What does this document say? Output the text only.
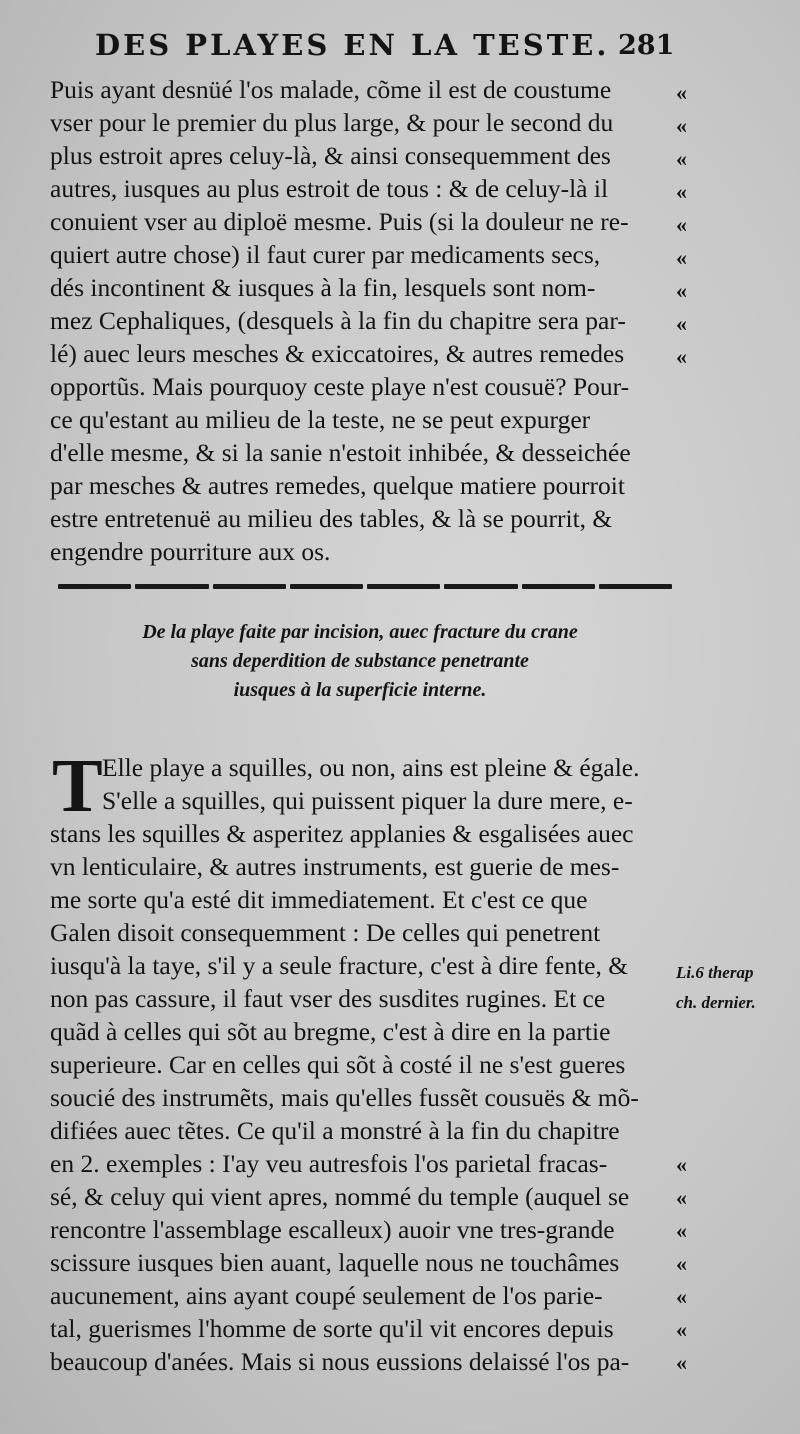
DES PLAYES EN LA TESTE. 281
Puis ayant desnüé l'os malade, cõme il est de coustume
vser pour le premier du plus large, & pour le second du
plus estroit apres celuy-là, & ainsi consequemment des
autres, iusques au plus estroit de tous : & de celuy-là il
conuient vser au diploë mesme. Puis (si la douleur ne re-
quiert autre chose) il faut curer par medicaments secs,
dés incontinent & iusques à la fin, lesquels sont nom-
mez Cephaliques, (desquels à la fin du chapitre sera par-
lé) auec leurs mesches & exiccatoires, & autres remedes
opportũs. Mais pourquoy ceste playe n'est cousuë? Pour-
ce qu'estant au milieu de la teste, ne se peut expurger
d'elle mesme, & si la sanie n'estoit inhibée, & desseichée
par mesches & autres remedes, quelque matiere pourroit
estre entretenuë au milieu des tables, & là se pourrit, &
engendre pourriture aux os.
«
«
«
«
«
«
«
«
«
De la playe faite par incision, auec fracture du crane
sans deperdition de substance penetrante
iusques à la superficie interne.
T Elle playe a squilles, ou non, ains est pleine & égale.
S'elle a squilles, qui puissent piquer la dure mere, e-
stans les squilles & asperitez applanies & esgalisées auec
vn lenticulaire, & autres instruments, est guerie de mes-
me sorte qu'a esté dit immediatement. Et c'est ce que
Galen disoit consequemment : De celles qui penetrent
iusqu'à la taye, s'il y a seule fracture, c'est à dire fente, &
non pas cassure, il faut vser des susdites rugines. Et ce
quãd à celles qui sõt au bregme, c'est à dire en la partie
superieure. Car en celles qui sõt à costé il ne s'est gueres
soucié des instrumẽts, mais qu'elles fussẽt cousuës & mõ-
difiées auec tẽtes. Ce qu'il a monstré à la fin du chapitre
en 2. exemples : I'ay veu autresfois l'os parietal fracas-
sé, & celuy qui vient apres, nommé du temple (auquel se
rencontre l'assemblage escalleux) auoir vne tres-grande
scissure iusques bien auant, laquelle nous ne touchâmes
aucunement, ains ayant coupé seulement de l'os parie-
tal, guerismes l'homme de sorte qu'il vit encores depuis
beaucoup d'anées. Mais si nous eussions delaissé l'os pa-
«
«
«
«
«
«
«
Li.6 therap
ch. dernier.
